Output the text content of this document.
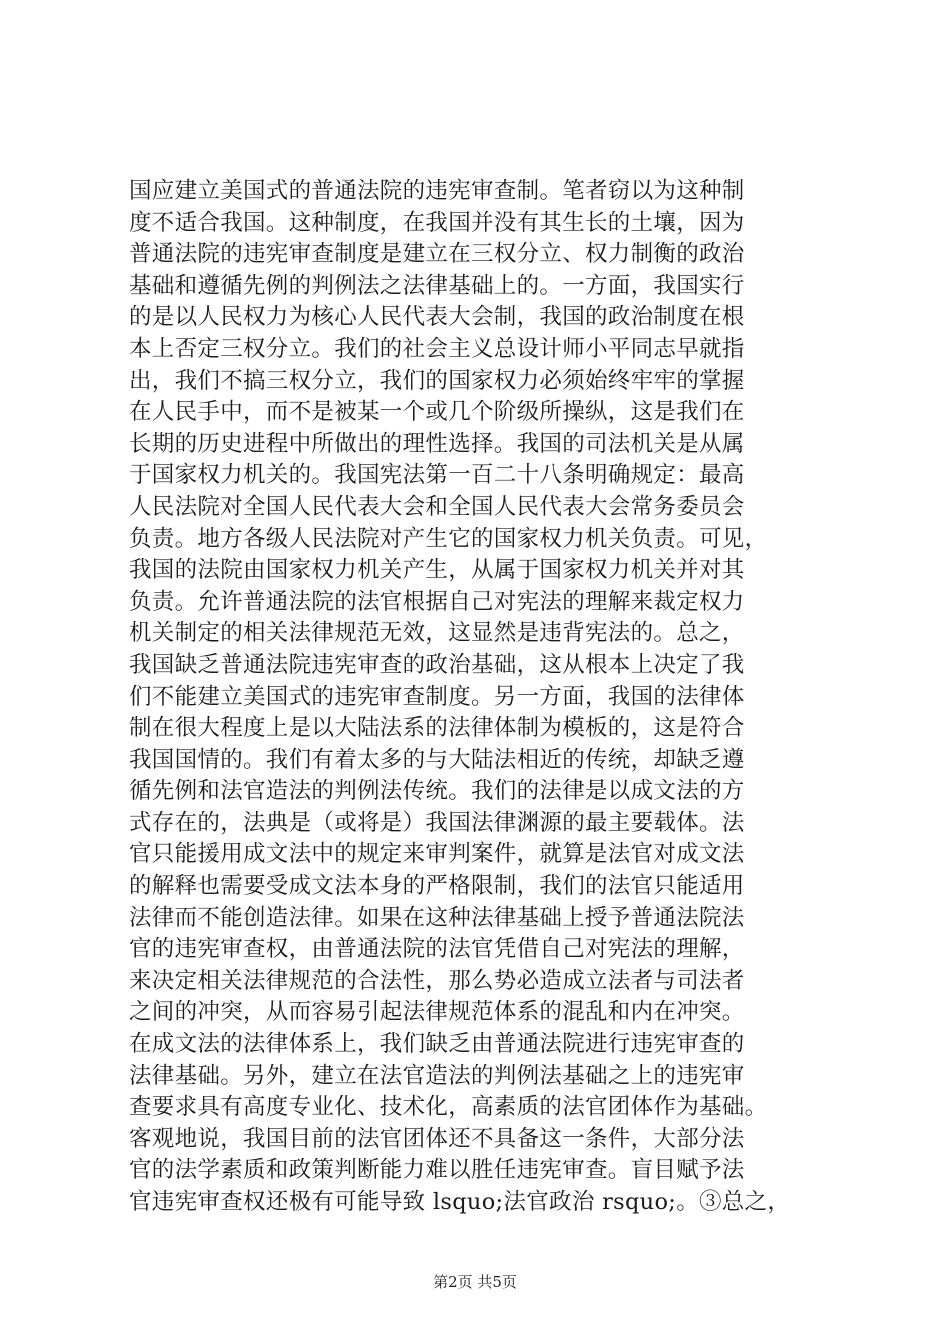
国应建立美国式的普通法院的违宪审查制。笔者窃以为这种制
度不适合我国。这种制度，在我国并没有其生长的土壤，因为
普通法院的违宪审查制度是建立在三权分立、权力制衡的政治
基础和遵循先例的判例法之法律基础上的。一方面，我国实行
的是以人民权力为核心人民代表大会制，我国的政治制度在根
本上否定三权分立。我们的社会主义总设计师小平同志早就指
出，我们不搞三权分立，我们的国家权力必须始终牢牢的掌握
在人民手中，而不是被某一个或几个阶级所操纵，这是我们在
长期的历史进程中所做出的理性选择。我国的司法机关是从属
于国家权力机关的。我国宪法第一百二十八条明确规定：最高
人民法院对全国人民代表大会和全国人民代表大会常务委员会
负责。地方各级人民法院对产生它的国家权力机关负责。可见，
我国的法院由国家权力机关产生，从属于国家权力机关并对其
负责。允许普通法院的法官根据自己对宪法的理解来裁定权力
机关制定的相关法律规范无效，这显然是违背宪法的。总之，
我国缺乏普通法院违宪审查的政治基础，这从根本上决定了我
们不能建立美国式的违宪审查制度。另一方面，我国的法律体
制在很大程度上是以大陆法系的法律体制为模板的，这是符合
我国国情的。我们有着太多的与大陆法相近的传统，却缺乏遵
循先例和法官造法的判例法传统。我们的法律是以成文法的方
式存在的，法典是（或将是）我国法律渊源的最主要载体。法
官只能援用成文法中的规定来审判案件，就算是法官对成文法
的解释也需要受成文法本身的严格限制，我们的法官只能适用
法律而不能创造法律。如果在这种法律基础上授予普通法院法
官的违宪审查权，由普通法院的法官凭借自己对宪法的理解，
来决定相关法律规范的合法性，那么势必造成立法者与司法者
之间的冲突，从而容易引起法律规范体系的混乱和内在冲突。
在成文法的法律体系上，我们缺乏由普通法院进行违宪审查的
法律基础。另外，建立在法官造法的判例法基础之上的违宪审
查要求具有高度专业化、技术化，高素质的法官团体作为基础。
客观地说，我国目前的法官团体还不具备这一条件，大部分法
官的法学素质和政策判断能力难以胜任违宪审查。盲目赋予法
官违宪审查权还极有可能导致 lsquo;法官政治 rsquo;。③总之，
第2页 共5页
